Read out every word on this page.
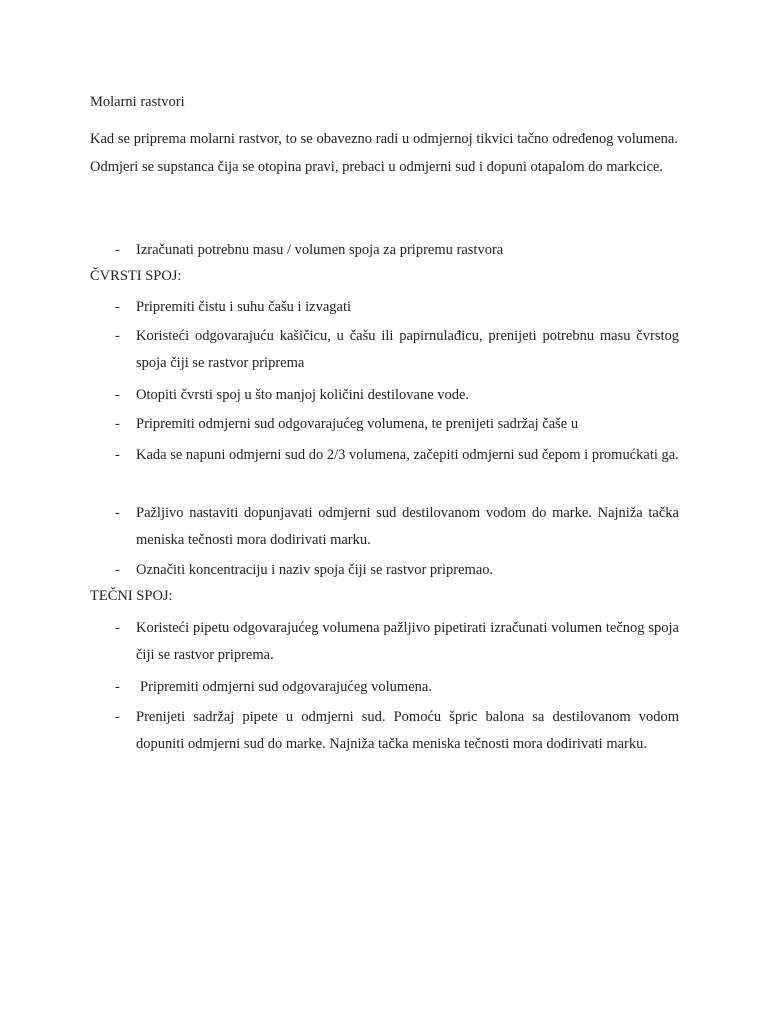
Molarni rastvori
Kad se priprema molarni rastvor, to se obavezno radi u odmjernoj tikvici tačno određenog volumena. Odmjeri se supstanca čija se otopina pravi, prebaci u odmjerni sud i dopuni otapalom do markcice.
- Izračunati potrebnu masu / volumen spoja za pripremu rastvora
ČVRSTI SPOJ:
- Pripremiti čistu i suhu čašu i izvagati
- Koristeći odgovarajuću kašičicu, u čašu ili papirnulađicu, prenijeti potrebnu masu čvrstog spoja čiji se rastvor priprema
- Otopiti čvrsti spoj u što manjoj količini destilovane vode.
- Pripremiti odmjerni sud odgovarajućeg volumena, te prenijeti sadržaj čaše u
- Kada se napuni odmjerni sud do 2/3 volumena, začepiti odmjerni sud čepom i promućkati ga.
- Pažljivo nastaviti dopunjavati odmjerni sud destilovanom vodom do marke. Najniža tačka meniska tečnosti mora dodirivati marku.
- Označiti koncentraciju i naziv spoja čiji se rastvor pripremao.
TEČNI SPOJ:
- Koristeći pipetu odgovarajućeg volumena pažljivo pipetirati izračunati volumen tečnog spoja čiji se rastvor priprema.
- Pripremiti odmjerni sud odgovarajućeg volumena.
- Prenijeti sadržaj pipete u odmjerni sud. Pomoću špric balona sa destilovanom vodom dopuniti odmjerni sud do marke. Najniža tačka meniska tečnosti mora dodirivati marku.
